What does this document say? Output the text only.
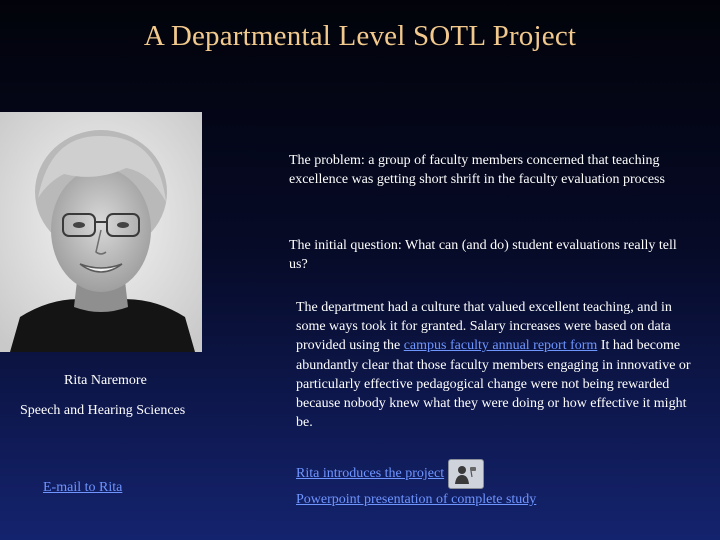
A Departmental Level SOTL Project
Rita Naremore
Speech and Hearing Sciences
E-mail to Rita
The problem: a group of faculty members concerned that teaching excellence was getting short shrift in the faculty evaluation process
The initial question: What can (and do) student evaluations really tell us?
The department had a culture that valued excellent teaching, and in some ways took it for granted. Salary increases were based on data provided using the campus faculty annual report form It had become abundantly clear that those faculty members engaging in innovative or particularly effective pedagogical change were not being rewarded because nobody knew what they were doing or how effective it might be.
Rita introduces the project
Powerpoint presentation of complete study
